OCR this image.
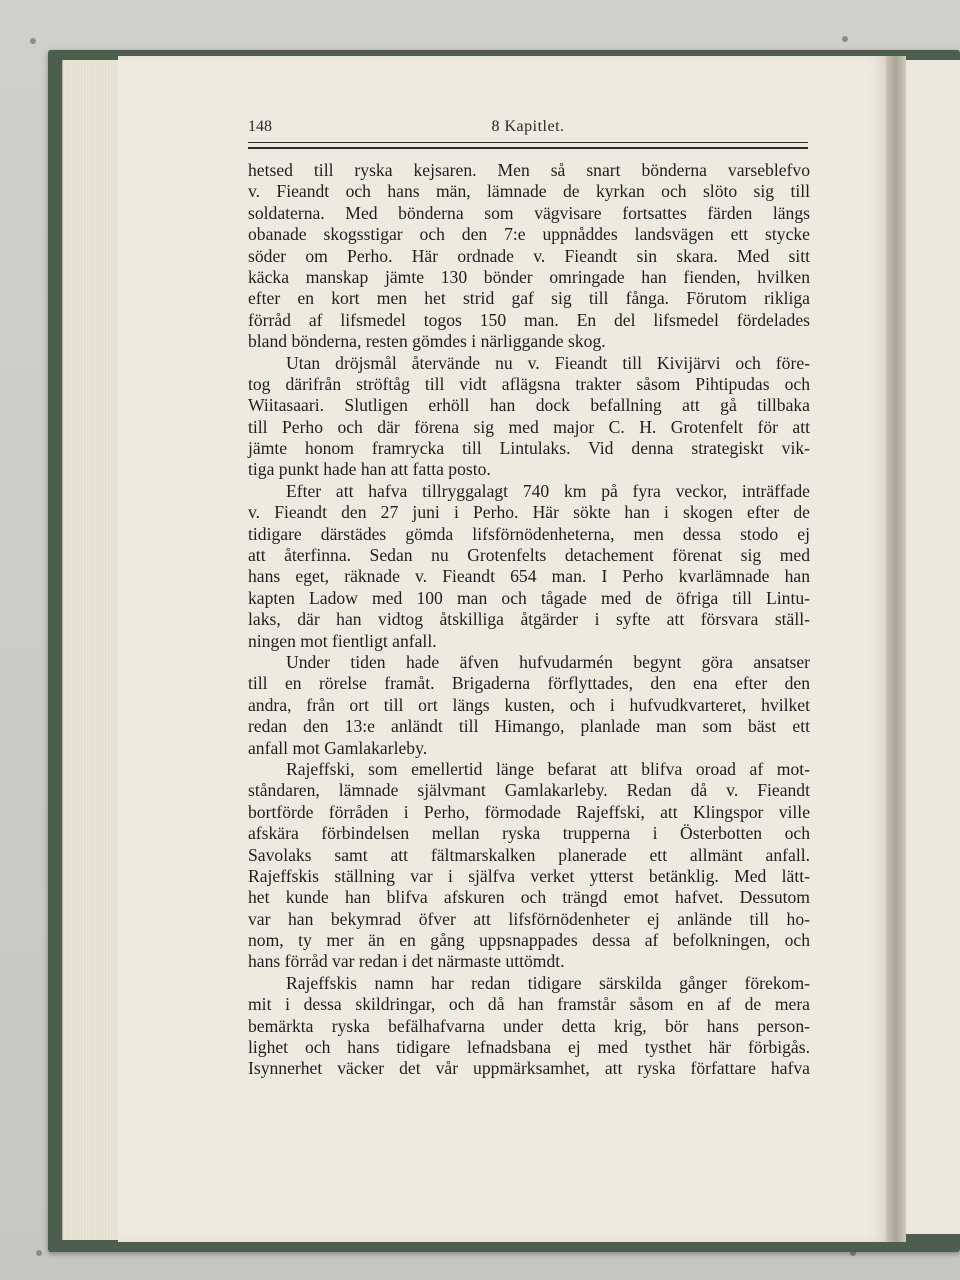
148	8 Kapitlet.
hetsed till ryska kejsaren. Men så snart bönderna varseblefvo
v. Fieandt och hans män, lämnade de kyrkan och slöto sig till
soldaterna. Med bönderna som vägvisare fortsattes färden längs
obanade skogsstigar och den 7:e uppnåddes landsvägen ett stycke
söder om Perho. Här ordnade v. Fieandt sin skara. Med sitt
käcka manskap jämte 130 bönder omringade han fienden, hvilken
efter en kort men het strid gaf sig till fånga. Förutom rikliga
förråd af lifsmedel togos 150 man. En del lifsmedel fördelades
bland bönderna, resten gömdes i närliggande skog.
Utan dröjsmål återvände nu v. Fieandt till Kivijärvi och före-
tog därifrån ströftåg till vidt aflägsna trakter såsom Pihtipudas och
Wiitasaari. Slutligen erhöll han dock befallning att gå tillbaka
till Perho och där förena sig med major C. H. Grotenfelt för att
jämte honom framrycka till Lintulaks. Vid denna strategiskt vik-
tiga punkt hade han att fatta posto.
Efter att hafva tillryggalagt 740 km på fyra veckor, inträffade
v. Fieandt den 27 juni i Perho. Här sökte han i skogen efter de
tidigare därstädes gömda lifsförnödenheterna, men dessa stodo ej
att återfinna. Sedan nu Grotenfelts detachement förenat sig med
hans eget, räknade v. Fieandt 654 man. I Perho kvarlämnade han
kapten Ladow med 100 man och tågade med de öfriga till Lintu-
laks, där han vidtog åtskilliga åtgärder i syfte att försvara ställ-
ningen mot fientligt anfall.
Under tiden hade äfven hufvudarmén begynt göra ansatser
till en rörelse framåt. Brigaderna förflyttades, den ena efter den
andra, från ort till ort längs kusten, och i hufvudkvarteret, hvilket
redan den 13:e anländt till Himango, planlade man som bäst ett
anfall mot Gamlakarleby.
Rajeffski, som emellertid länge befarat att blifva oroad af mot-
ståndaren, lämnade självmant Gamlakarleby. Redan då v. Fieandt
bortförde förråden i Perho, förmodade Rajeffski, att Klingspor ville
afskära förbindelsen mellan ryska trupperna i Österbotten och
Savolaks samt att fältmarskalken planerade ett allmänt anfall.
Rajeffskis ställning var i själfva verket ytterst betänklig. Med lätt-
het kunde han blifva afskuren och trängd emot hafvet. Dessutom
var han bekymrad öfver att lifsförnödenheter ej anlände till ho-
nom, ty mer än en gång uppsnappades dessa af befolkningen, och
hans förråd var redan i det närmaste uttömdt.
Rajeffskis namn har redan tidigare särskilda gånger förekom-
mit i dessa skildringar, och då han framstår såsom en af de mera
bemärkta ryska befälhafvarna under detta krig, bör hans person-
lighet och hans tidigare lefnadsbana ej med tysthet här förbigås.
Isynnerhet väcker det vår uppmärksamhet, att ryska författare hafva
